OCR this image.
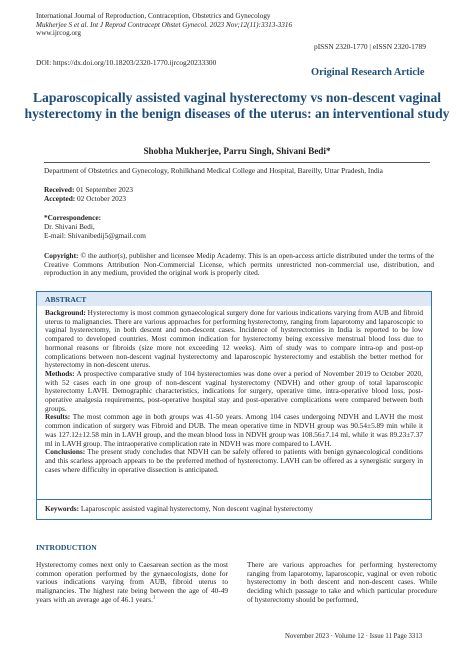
International Journal of Reproduction, Contraception, Obstetrics and Gynecology
Mukherjee S et al. Int J Reprod Contracept Obstet Gynecol. 2023 Nov;12(11):3313-3316
www.ijrcog.org
pISSN 2320-1770 | eISSN 2320-1789
DOI: https://dx.doi.org/10.18203/2320-1770.ijrcog20233300
Original Research Article
Laparoscopically assisted vaginal hysterectomy vs non-descent vaginal hysterectomy in the benign diseases of the uterus: an interventional study
Shobha Mukherjee, Parru Singh, Shivani Bedi*
Department of Obstetrics and Gynecology, Rohilkhand Medical College and Hospital, Bareilly, Uttar Pradesh, India
Received: 01 September 2023
Accepted: 02 October 2023
*Correspondence:
Dr. Shivani Bedi,
E-mail: Shivanibedij5@gmail.com
Copyright: © the author(s), publisher and licensee Medip Academy. This is an open-access article distributed under the terms of the Creative Commons Attribution Non-Commercial License, which permits unrestricted non-commercial use, distribution, and reproduction in any medium, provided the original work is properly cited.
ABSTRACT

Background: Hysterectomy is most common gynaecological surgery done for various indications varying from AUB and fibroid uterus to malignancies. There are various approaches for performing hysterectomy, ranging from laparotomy and laparoscopic to vaginal hysterectomy, in both descent and non-descent cases. Incidence of hysterectomies in India is reported to be low compared to developed countries. Most common indication for hysterectomy being excessive menstrual blood loss due to hormonal reasons or fibroids (size more not exceeding 12 weeks). Aim of study was to compare intra-op and post-op complications between non-descent vaginal hysterectomy and laparoscopic hysterectomy and establish the better method for hysterectomy in non-descent uterus.

Methods: A prospective comparative study of 104 hysterectomies was done over a period of November 2019 to October 2020, with 52 cases each in one group of non-descent vaginal hysterectomy (NDVH) and other group of total laparoscopic hysterectomy LAVH. Demographic characteristics, indications for surgery, operative time, intra-operative blood loss, post-operative analgesia requirements, post-operative hospital stay and post-operative complications were compared between both groups.

Results: The most common age in both groups was 41-50 years. Among 104 cases undergoing NDVH and LAVH the most common indication of surgery was Fibroid and DUB. The mean operative time in NDVH group was 90.54±5.89 min while it was 127.12±12.58 min in LAVH group, and the mean blood loss in NDVH group was 108.56±7.14 ml, while it was 89.23±7.37 ml in LAVH group. The intraoperative complication rate in NDVH was more compared to LAVH.

Conclusions: The present study concludes that NDVH can be safely offered to patients with benign gynaecological conditions and this scarless approach appears to be the preferred method of hysterectomy. LAVH can be offered as a synergistic surgery in cases where difficulty in operative dissection is anticipated.

Keywords: Laparoscopic assisted vaginal hysterectomy, Non descent vaginal hysterectomy
INTRODUCTION
Hysterectomy comes next only to Caesarean section as the most common operation performed by the gynaecologists, done for various indications varying from AUB, fibroid uterus to malignancies. The highest rate being between the age of 40-49 years with an average age of 46.1 years.$^1$
There are various approaches for performing hysterectomy ranging from laparotomy, laparoscopic, vaginal or even robotic hysterectomy in both descent and non-descent cases. While deciding which passage to take and which particular procedure of hysterectomy should be performed,
November 2023 · Volume 12 · Issue 11 Page 3313
